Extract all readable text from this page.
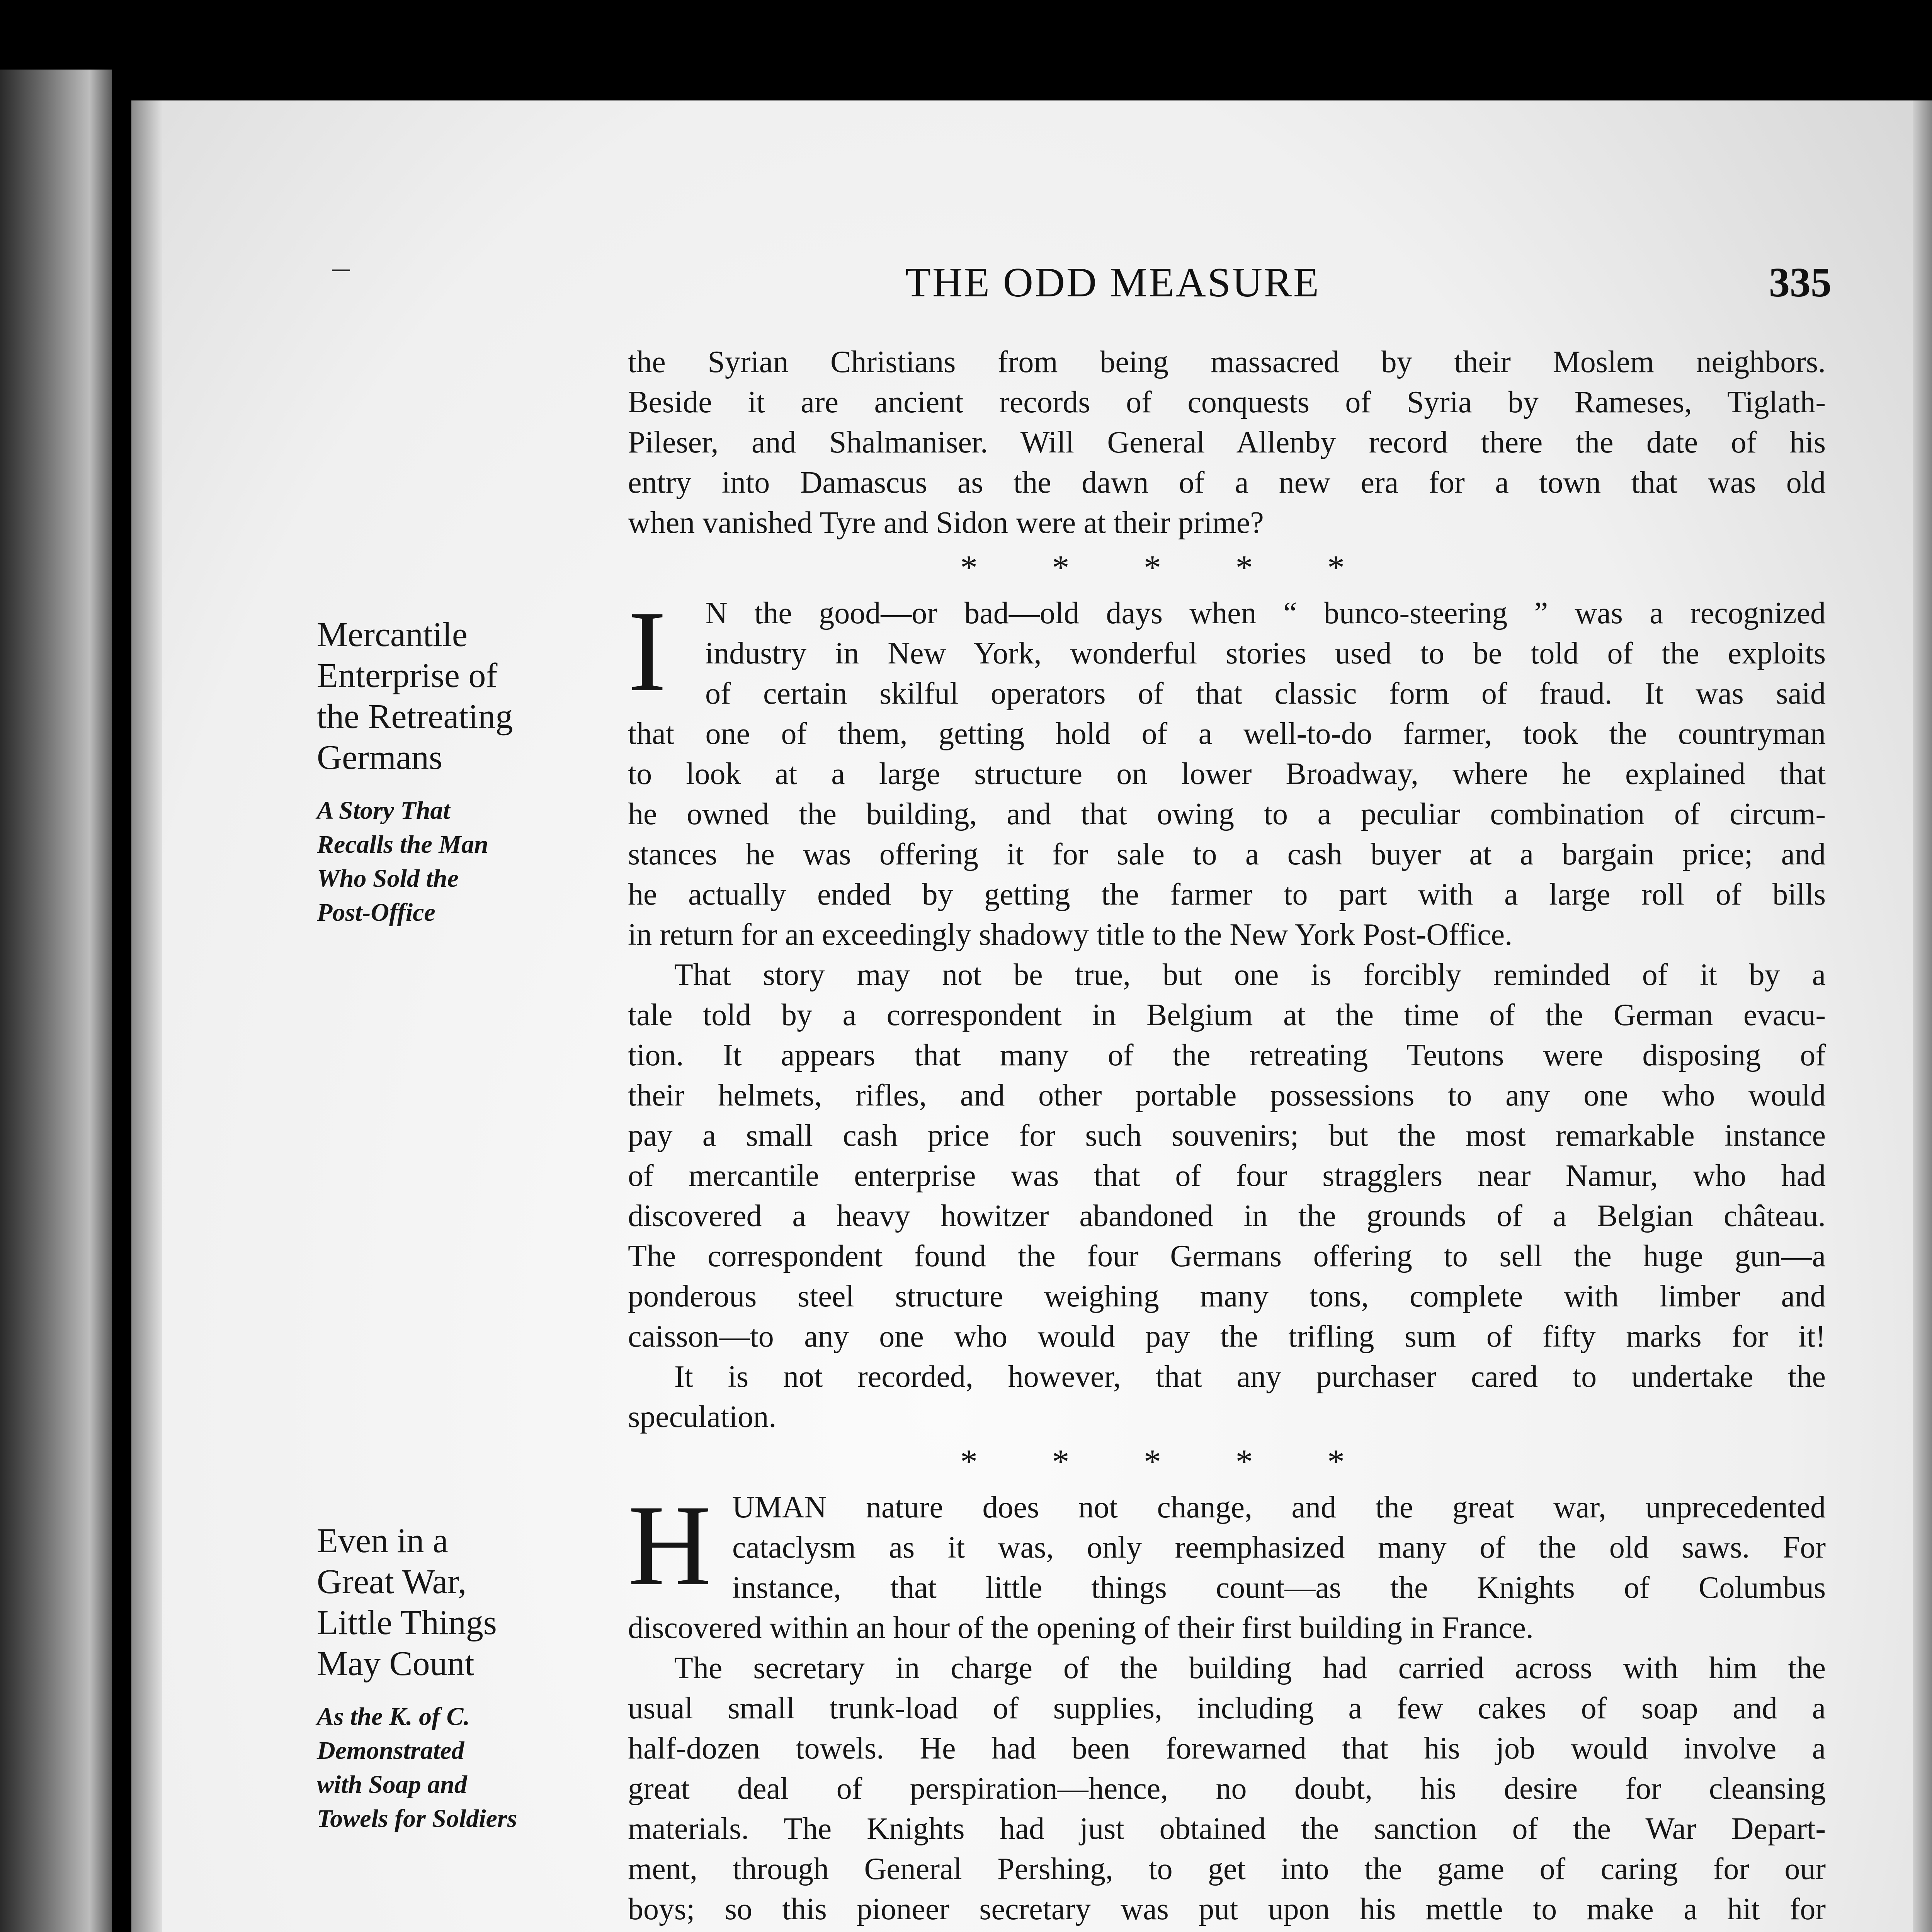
–	THE ODD MEASURE	335
Mercantile
Enterprise of
the Retreating
Germans
A Story That
Recalls the Man
Who Sold the
Post-Office
Even in a
Great War,
Little Things
May Count
As the K. of C.
Demonstrated
with Soap and
Towels for Soldiers
the Syrian Christians from being massacred by their Moslem neighbors.
Beside it are ancient records of conquests of Syria by Rameses, Tiglath-
Pileser, and Shalmaniser. Will General Allenby record there the date of his
entry into Damascus as the dawn of a new era for a town that was old
when vanished Tyre and Sidon were at their prime?
* * * * *
I	N the good—or bad—old days when “ bunco-steering ” was a recognized
industry in New York, wonderful stories used to be told of the exploits
of certain skilful operators of that classic form of fraud. It was said
that one of them, getting hold of a well-to-do farmer, took the countryman
to look at a large structure on lower Broadway, where he explained that
he owned the building, and that owing to a peculiar combination of circum-
stances he was offering it for sale to a cash buyer at a bargain price; and
he actually ended by getting the farmer to part with a large roll of bills
in return for an exceedingly shadowy title to the New York Post-Office.
That story may not be true, but one is forcibly reminded of it by a
tale told by a correspondent in Belgium at the time of the German evacu-
tion. It appears that many of the retreating Teutons were disposing of
their helmets, rifles, and other portable possessions to any one who would
pay a small cash price for such souvenirs; but the most remarkable instance
of mercantile enterprise was that of four stragglers near Namur, who had
discovered a heavy howitzer abandoned in the grounds of a Belgian château.
The correspondent found the four Germans offering to sell the huge gun—a
ponderous steel structure weighing many tons, complete with limber and
caisson—to any one who would pay the trifling sum of fifty marks for it!
It is not recorded, however, that any purchaser cared to undertake the
speculation.
* * * * *
H UMAN nature does not change, and the great war, unprecedented
cataclysm as it was, only reemphasized many of the old saws. For
instance, that little things count—as the Knights of Columbus
discovered within an hour of the opening of their first building in France.
The secretary in charge of the building had carried across with him the
usual small trunk-load of supplies, including a few cakes of soap and a
half-dozen towels. He had been forewarned that his job would involve a
great deal of perspiration—hence, no doubt, his desire for cleansing
materials. The Knights had just obtained the sanction of the War Depart-
ment, through General Pershing, to get into the game of caring for our
boys; so this pioneer secretary was put upon his mettle to make a hit for
